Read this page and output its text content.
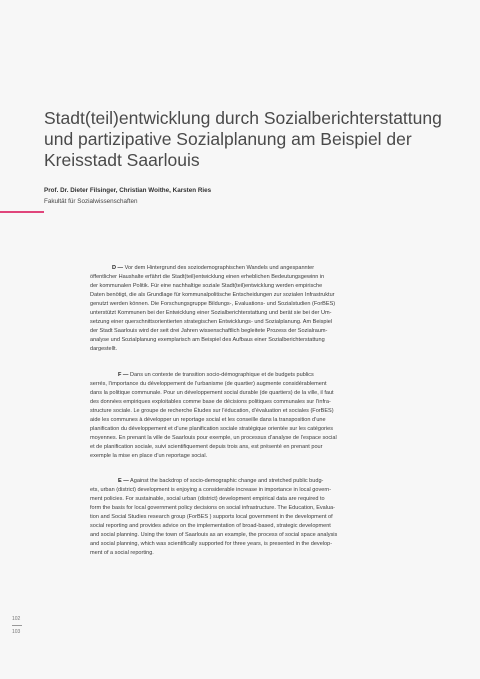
Stadt(teil)entwicklung durch Sozialberichterstattung
und partizipative Sozialplanung am Beispiel der
Kreisstadt Saarlouis
Prof. Dr. Dieter Filsinger, Christian Woithe, Karsten Ries
Fakultät für Sozialwissenschaften
D — Vor dem Hintergrund des soziodemographischen Wandels und angespannter
öffentlicher Haushalte erfährt die Stadt(teil)entwicklung einen erheblichen Bedeutungsgewinn in
der kommunalen Politik. Für eine nachhaltige soziale Stadt(teil)entwicklung werden empirische
Daten benötigt, die als Grundlage für kommunalpolitische Entscheidungen zur sozialen Infrastruktur
genutzt werden können. Die Forschungsgruppe Bildungs-, Evaluations- und Sozialstudien (ForBES)
unterstützt Kommunen bei der Entwicklung einer Sozialberichterstattung und berät sie bei der Um-
setzung einer querschnittsorientierten strategischen Entwicklungs- und Sozialplanung. Am Beispiel
der Stadt Saarlouis wird der seit drei Jahren wissenschaftlich begleitete Prozess der Sozialraum-
analyse und Sozialplanung exemplarisch am Beispiel des Aufbaus einer Sozialberichterstattung
dargestellt.
F — Dans un contexte de transition socio-démographique et de budgets publics
serrés, l’importance du développement de l’urbanisme (de quartier) augmente considérablement
dans la politique communale. Pour un développement social durable (de quartiers) de la ville, il faut
des données empiriques exploitables comme base de décisions politiques communales sur l’infra-
structure sociale. Le groupe de recherche Études sur l’éducation, d’évaluation et sociales (ForBES)
aide les communes à développer un reportage social et les conseille dans la transposition d’une
planification du développement et d’une planification sociale stratégique orientée sur les catégories
moyennes. En prenant la ville de Saarlouis pour exemple, un processus d’analyse de l’espace social
et de planification sociale, suivi scientifiquement depuis trois ans, est présenté en prenant pour
exemple la mise en place d’un reportage social.
E — Against the backdrop of socio-demographic change and stretched public budg-
ets, urban (district) development is enjoying a considerable increase in importance in local govern-
ment policies. For sustainable, social urban (district) development empirical data are required to
form the basis for local government policy decisions on social infrastructure. The Education, Evalua-
tion and Social Studies research group (ForBES ) supports local government in the development of
social reporting and provides advice on the implementation of broad-based, strategic development
and social planning. Using the town of Saarlouis as an example, the process of social space analysis
and social planning, which was scientifically supported for three years, is presented in the develop-
ment of a social reporting.
102
103
